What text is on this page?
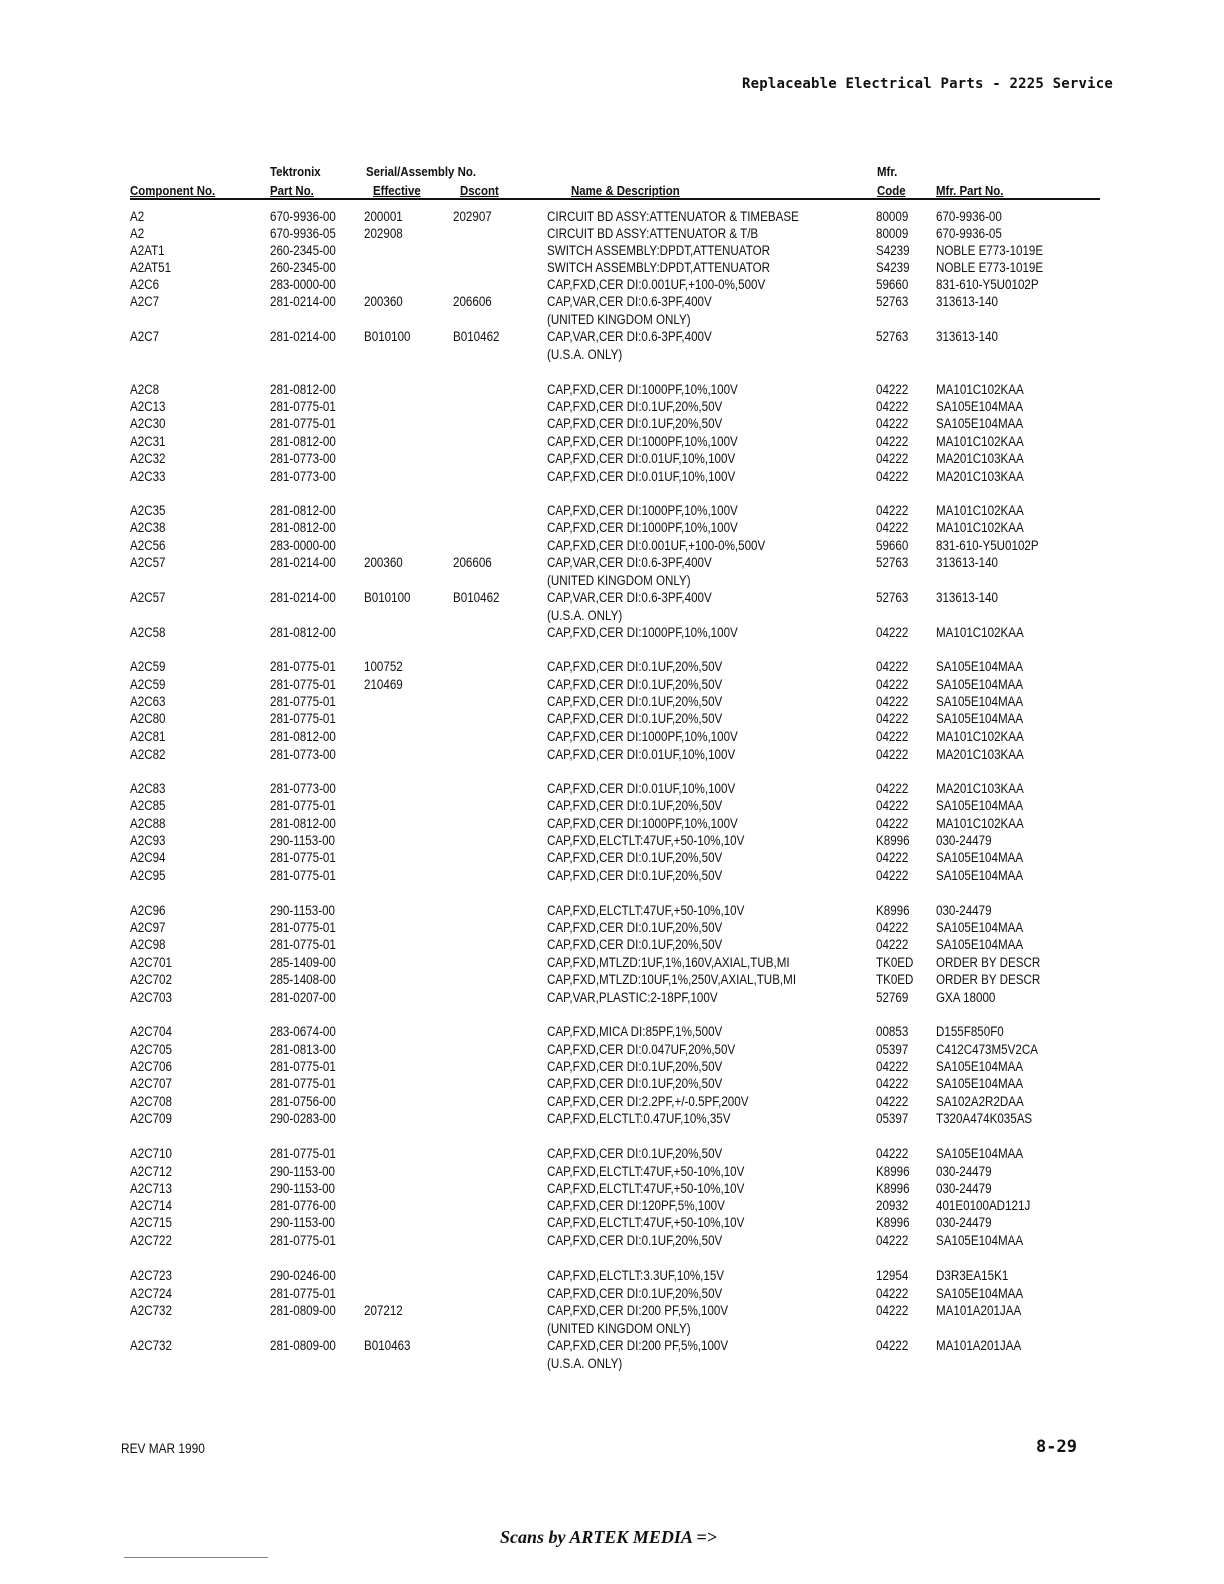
Replaceable Electrical Parts - 2225 Service
Tektronix	Serial/Assembly No.	Mfr.
Component No.	Part No.	Effective	Dscont	Name & Description	Code Mfr. Part No.
A2	670-9936-00 200001	202907	CIRCUIT BD ASSY:ATTENUATOR & TIMEBASE	80009 670-9936-00
A2	670-9936-05 202908	CIRCUIT BD ASSY:ATTENUATOR & T/B	80009 670-9936-05
A2AT1	260-2345-00	SWITCH ASSEMBLY:DPDT,ATTENUATOR	S4239 NOBLE E773-1019E
A2AT51	260-2345-00	SWITCH ASSEMBLY:DPDT,ATTENUATOR	S4239 NOBLE E773-1019E
A2C6	283-0000-00	CAP,FXD,CER DI:0.001UF,+100-0%,500V	59660 831-610-Y5U0102P
A2C7	281-0214-00 200360	206606	CAP,VAR,CER DI:0.6-3PF,400V	52763 313613-140
(UNITED KINGDOM ONLY)
A2C7	281-0214-00 B010100	B010462	CAP,VAR,CER DI:0.6-3PF,400V	52763 313613-140
(U.S.A. ONLY)
A2C8	281-0812-00	CAP,FXD,CER DI:1000PF,10%,100V	04222 MA101C102KAA
A2C13	281-0775-01	CAP,FXD,CER DI:0.1UF,20%,50V	04222 SA105E104MAA
A2C30	281-0775-01	CAP,FXD,CER DI:0.1UF,20%,50V	04222 SA105E104MAA
A2C31	281-0812-00	CAP,FXD,CER DI:1000PF,10%,100V	04222 MA101C102KAA
A2C32	281-0773-00	CAP,FXD,CER DI:0.01UF,10%,100V	04222 MA201C103KAA
A2C33	281-0773-00	CAP,FXD,CER DI:0.01UF,10%,100V	04222 MA201C103KAA
A2C35	281-0812-00	CAP,FXD,CER DI:1000PF,10%,100V	04222 MA101C102KAA
A2C38	281-0812-00	CAP,FXD,CER DI:1000PF,10%,100V	04222 MA101C102KAA
A2C56	283-0000-00	CAP,FXD,CER DI:0.001UF,+100-0%,500V	59660 831-610-Y5U0102P
A2C57	281-0214-00 200360	206606	CAP,VAR,CER DI:0.6-3PF,400V	52763 313613-140
(UNITED KINGDOM ONLY)
A2C57	281-0214-00 B010100	B010462	CAP,VAR,CER DI:0.6-3PF,400V	52763 313613-140
(U.S.A. ONLY)
A2C58	281-0812-00	CAP,FXD,CER DI:1000PF,10%,100V	04222 MA101C102KAA
A2C59	281-0775-01 100752	CAP,FXD,CER DI:0.1UF,20%,50V	04222 SA105E104MAA
A2C59	281-0775-01 210469	CAP,FXD,CER DI:0.1UF,20%,50V	04222 SA105E104MAA
A2C63	281-0775-01	CAP,FXD,CER DI:0.1UF,20%,50V	04222 SA105E104MAA
A2C80	281-0775-01	CAP,FXD,CER DI:0.1UF,20%,50V	04222 SA105E104MAA
A2C81	281-0812-00	CAP,FXD,CER DI:1000PF,10%,100V	04222 MA101C102KAA
A2C82	281-0773-00	CAP,FXD,CER DI:0.01UF,10%,100V	04222 MA201C103KAA
A2C83	281-0773-00	CAP,FXD,CER DI:0.01UF,10%,100V	04222 MA201C103KAA
A2C85	281-0775-01	CAP,FXD,CER DI:0.1UF,20%,50V	04222 SA105E104MAA
A2C88	281-0812-00	CAP,FXD,CER DI:1000PF,10%,100V	04222 MA101C102KAA
A2C93	290-1153-00	CAP,FXD,ELCTLT:47UF,+50-10%,10V	K8996 030-24479
A2C94	281-0775-01	CAP,FXD,CER DI:0.1UF,20%,50V	04222 SA105E104MAA
A2C95	281-0775-01	CAP,FXD,CER DI:0.1UF,20%,50V	04222 SA105E104MAA
A2C96	290-1153-00	CAP,FXD,ELCTLT:47UF,+50-10%,10V	K8996 030-24479
A2C97	281-0775-01	CAP,FXD,CER DI:0.1UF,20%,50V	04222 SA105E104MAA
A2C98	281-0775-01	CAP,FXD,CER DI:0.1UF,20%,50V	04222 SA105E104MAA
A2C701	285-1409-00	CAP,FXD,MTLZD:1UF,1%,160V,AXIAL,TUB,MI	TK0ED ORDER BY DESCR
A2C702	285-1408-00	CAP,FXD,MTLZD:10UF,1%,250V,AXIAL,TUB,MI	TK0ED ORDER BY DESCR
A2C703	281-0207-00	CAP,VAR,PLASTIC:2-18PF,100V	52769 GXA 18000
A2C704	283-0674-00	CAP,FXD,MICA DI:85PF,1%,500V	00853 D155F850F0
A2C705	281-0813-00	CAP,FXD,CER DI:0.047UF,20%,50V	05397 C412C473M5V2CA
A2C706	281-0775-01	CAP,FXD,CER DI:0.1UF,20%,50V	04222 SA105E104MAA
A2C707	281-0775-01	CAP,FXD,CER DI:0.1UF,20%,50V	04222 SA105E104MAA
A2C708	281-0756-00	CAP,FXD,CER DI:2.2PF,+/-0.5PF,200V	04222 SA102A2R2DAA
A2C709	290-0283-00	CAP,FXD,ELCTLT:0.47UF,10%,35V	05397 T320A474K035AS
A2C710	281-0775-01	CAP,FXD,CER DI:0.1UF,20%,50V	04222 SA105E104MAA
A2C712	290-1153-00	CAP,FXD,ELCTLT:47UF,+50-10%,10V	K8996 030-24479
A2C713	290-1153-00	CAP,FXD,ELCTLT:47UF,+50-10%,10V	K8996 030-24479
A2C714	281-0776-00	CAP,FXD,CER DI:120PF,5%,100V	20932 401E0100AD121J
A2C715	290-1153-00	CAP,FXD,ELCTLT:47UF,+50-10%,10V	K8996 030-24479
A2C722	281-0775-01	CAP,FXD,CER DI:0.1UF,20%,50V	04222 SA105E104MAA
A2C723	290-0246-00	CAP,FXD,ELCTLT:3.3UF,10%,15V	12954 D3R3EA15K1
A2C724	281-0775-01	CAP,FXD,CER DI:0.1UF,20%,50V	04222 SA105E104MAA
A2C732	281-0809-00 207212	CAP,FXD,CER DI:200 PF,5%,100V	04222 MA101A201JAA
(UNITED KINGDOM ONLY)
A2C732	281-0809-00 B010463	CAP,FXD,CER DI:200 PF,5%,100V	04222 MA101A201JAA
(U.S.A. ONLY)
REV MAR 1990	8-29
Scans by ARTEK MEDIA =>
